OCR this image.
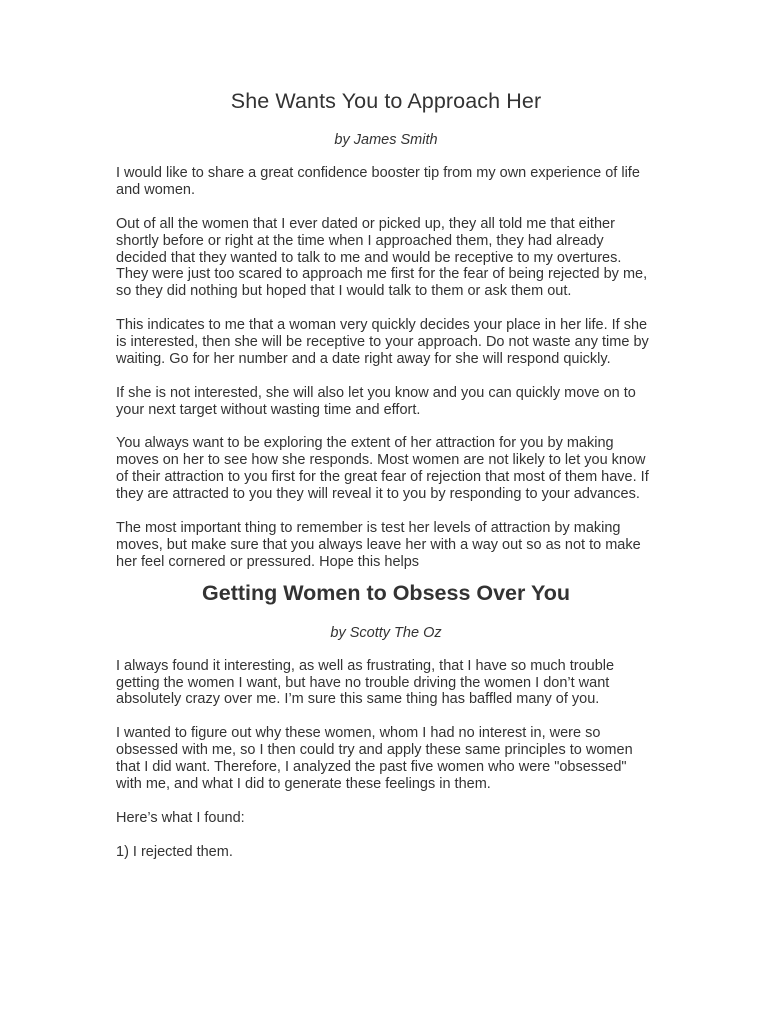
She Wants You to Approach Her

by James Smith

I would like to share a great confidence booster tip from my own experience of life and women.

Out of all the women that I ever dated or picked up, they all told me that either shortly before or right at the time when I approached them, they had already decided that they wanted to talk to me and would be receptive to my overtures. They were just too scared to approach me first for the fear of being rejected by me, so they did nothing but hoped that I would talk to them or ask them out.

This indicates to me that a woman very quickly decides your place in her life. If she is interested, then she will be receptive to your approach. Do not waste any time by waiting. Go for her number and a date right away for she will respond quickly.

If she is not interested, she will also let you know and you can quickly move on to your next target without wasting time and effort.

You always want to be exploring the extent of her attraction for you by making moves on her to see how she responds. Most women are not likely to let you know of their attraction to you first for the great fear of rejection that most of them have. If they are attracted to you they will reveal it to you by responding to your advances.

The most important thing to remember is test her levels of attraction by making moves, but make sure that you always leave her with a way out so as not to make her feel cornered or pressured. Hope this helps

Getting Women to Obsess Over You

by Scotty The Oz

I always found it interesting, as well as frustrating, that I have so much trouble getting the women I want, but have no trouble driving the women I don’t want absolutely crazy over me. I’m sure this same thing has baffled many of you.

I wanted to figure out why these women, whom I had no interest in, were so obsessed with me, so I then could try and apply these same principles to women that I did want. Therefore, I analyzed the past five women who were "obsessed" with me, and what I did to generate these feelings in them.

Here’s what I found:

1) I rejected them.
